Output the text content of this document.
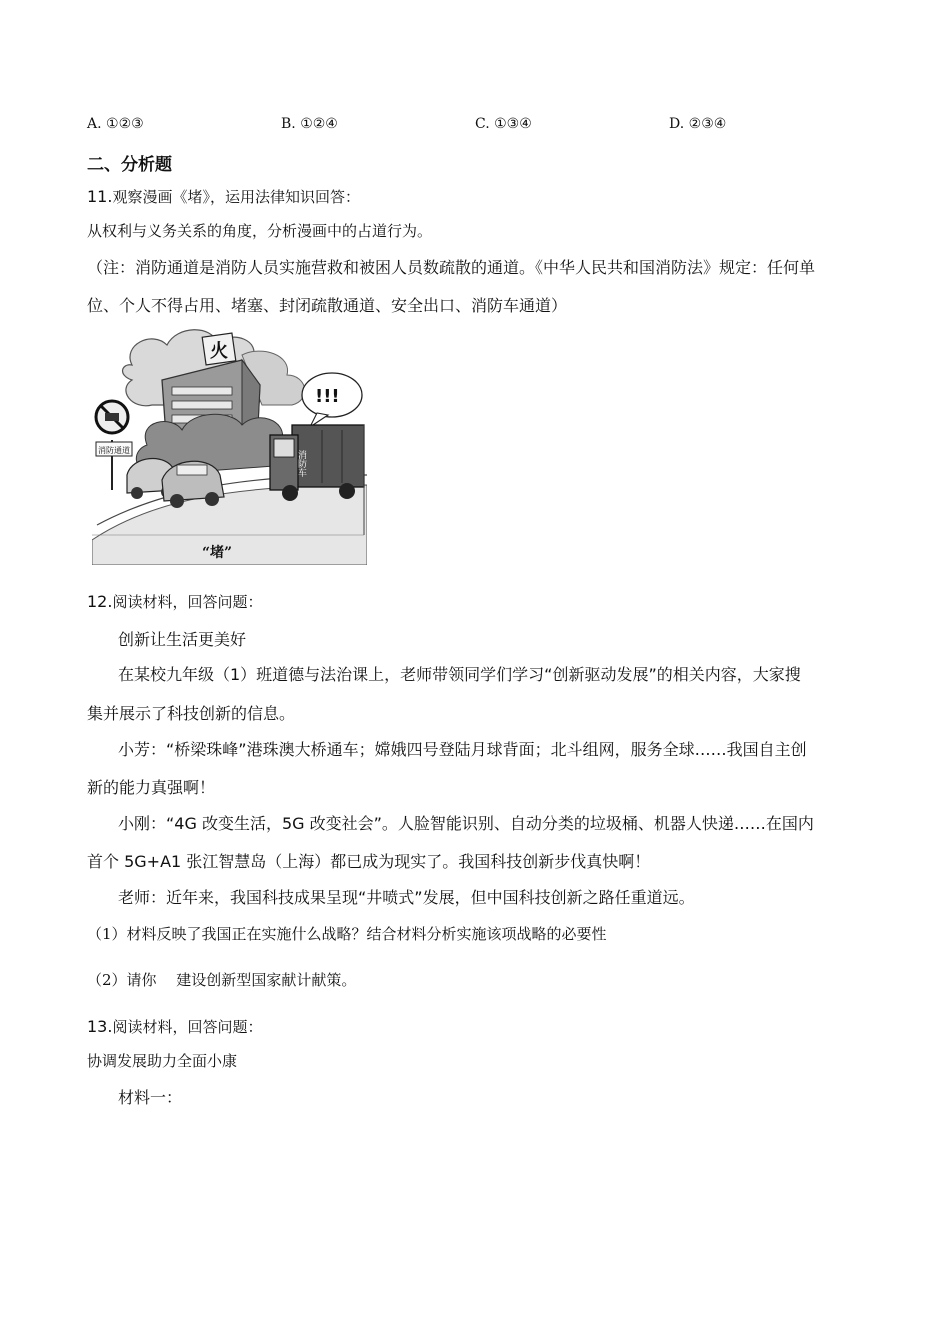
A. ①②③	B. ①②④	C. ①③④	D. ②③④
二、分析题
11.观察漫画《堵》，运用法律知识回答：
从权利与义务关系的角度，分析漫画中的占道行为。
（注：消防通道是消防人员实施营救和被困人员数疏散的通道。《中华人民共和国消防法》规定：任何单
位、个人不得占用、堵塞、封闭疏散通道、安全出口、消防车通道）
火
!!!
消防通道	消防车
“堵”
12.阅读材料，回答问题：
创新让生活更美好
在某校九年级（1）班道德与法治课上，老师带领同学们学习“创新驱动发展”的相关内容，大家搜
集并展示了科技创新的信息。
小芳：“桥梁珠峰”港珠澳大桥通车；嫦娥四号登陆月球背面；北斗组网，服务全球……我国自主创
新的能力真强啊！
小刚：“4G 改变生活，5G 改变社会”。人脸智能识别、自动分类的垃圾桶、机器人快递……在国内
首个 5G+A1 张江智慧岛（上海）都已成为现实了。我国科技创新步伐真快啊！
老师：近年来，我国科技成果呈现“井喷式”发展，但中国科技创新之路任重道远。
（1）材料反映了我国正在实施什么战略？结合材料分析实施该项战略的必要性
（2）请你 　建设创新型国家献计献策。
13.阅读材料，回答问题：
协调发展助力全面小康
材料一：
